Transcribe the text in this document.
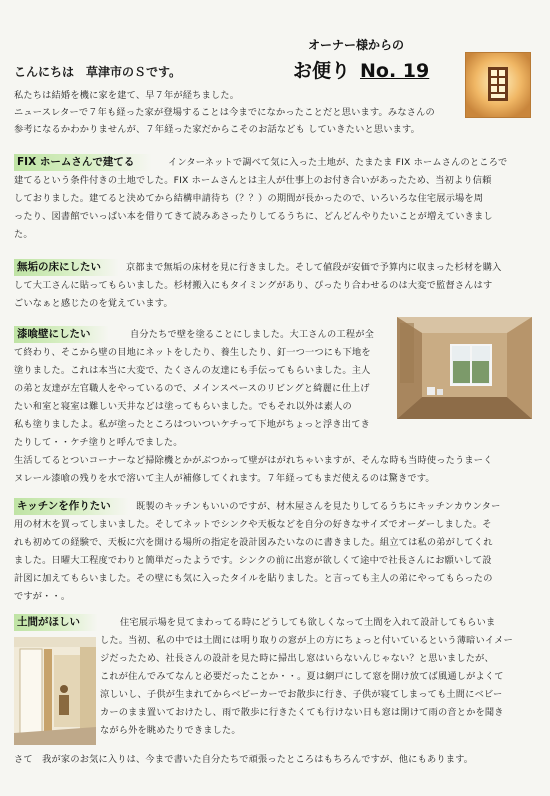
こんにちは　草津市のＳです。
オーナー様からの
お便り No. 19
私たちは結婚を機に家を建て、早７年が経ちました。
ニュースレターで７年も経った家が登場することは今までになかったことだと思います。みなさんの
参考になるかわかりませんが、７年経った家だからこそのお話なども していきたいと思います。
FIX ホームさんで建てる	インターネットで調べて気に入った土地が、たまたま FIX ホームさんのところで
建てるという条件付きの土地でした。FIX ホームさんとは主人が仕事上のお付き合いがあったため、当初より信頼
しておりました。建てると決めてから結構申請待ち（？？）の期間が長かったので、いろいろな住宅展示場を周
ったり、図書館でいっぱい本を借りてきて読みあさったりしてるうちに、どんどんやりたいことが増えていきまし
た。
無垢の床にしたい	京都まで無垢の床材を見に行きました。そして値段が安価で予算内に収まった杉材を購入
して大工さんに貼ってもらいました。杉材搬入にもタイミングがあり、ぴったり合わせるのは大変で監督さんはす
ごいなぁと感じたのを覚えています。
漆喰壁にしたい	自分たちで壁を塗ることにしました。大工さんの工程が全
て終わり、そこから壁の目地にネットをしたり、養生したり、釘一つ一つにも下地を
塗りました。これは本当に大変で、たくさんの友達にも手伝ってもらいました。主人
の弟と友達が左官職人をやっているので、メインスペースのリビングと綺麗に仕上げ
たい和室と寝室は難しい天井などは塗ってもらいました。でもそれ以外は素人の
私も塗りましたよ。私が塗ったところはついついケチって下地がちょっと浮き出てき
たりして・・ケチ塗りと呼んでました。
生活してるとついコーナーなど掃除機とかがぶつかって壁がはがれちゃいますが、そんな時も当時使ったうまーく
ヌレール漆喰の残りを水で溶いて主人が補修してくれます。７年経ってもまだ使えるのは驚きです。
キッチンを作りたい	既製のキッチンもいいのですが、材木屋さんを見たりしてるうちにキッチンカウンター
用の材木を買ってしまいました。そしてネットでシンクや天板などを自分の好きなサイズでオーダーしました。そ
れも初めての経験で、天板に穴を開ける場所の指定を設計図みたいなのに書きました。組立ては私の弟がしてくれ
ました。日曜大工程度でわりと簡単だったようです。シンクの前に出窓が欲しくて途中で社長さんにお願いして設
計図に加えてもらいました。その壁にも気に入ったタイルを貼りました。と言っても主人の弟にやってもらったの
ですが・・。
土間がほしい	住宅展示場を見てまわってる時にどうしても欲しくなって土間を入れて設計してもらいま
した。当初、私の中では土間には明り取りの窓が上の方にちょっと付いているという薄暗いイメー
ジだったため、社長さんの設計を見た時に掃出し窓はいらないんじゃない？と思いましたが、
これが住んでみてなんと必要だったことか・・。夏は網戸にして窓を開け放てば風通しがよくて
涼しいし、子供が生まれてからベビーカーでお散歩に行き、子供が寝てしまっても土間にベビー
カーのまま置いておけたし、雨で散歩に行きたくても行けない日も窓は開けて雨の音とかを聞き
ながら外を眺めたりできました。
さて　我が家のお気に入りは、今まで書いた自分たちで頑張ったところはもちろんですが、他にもあります。
